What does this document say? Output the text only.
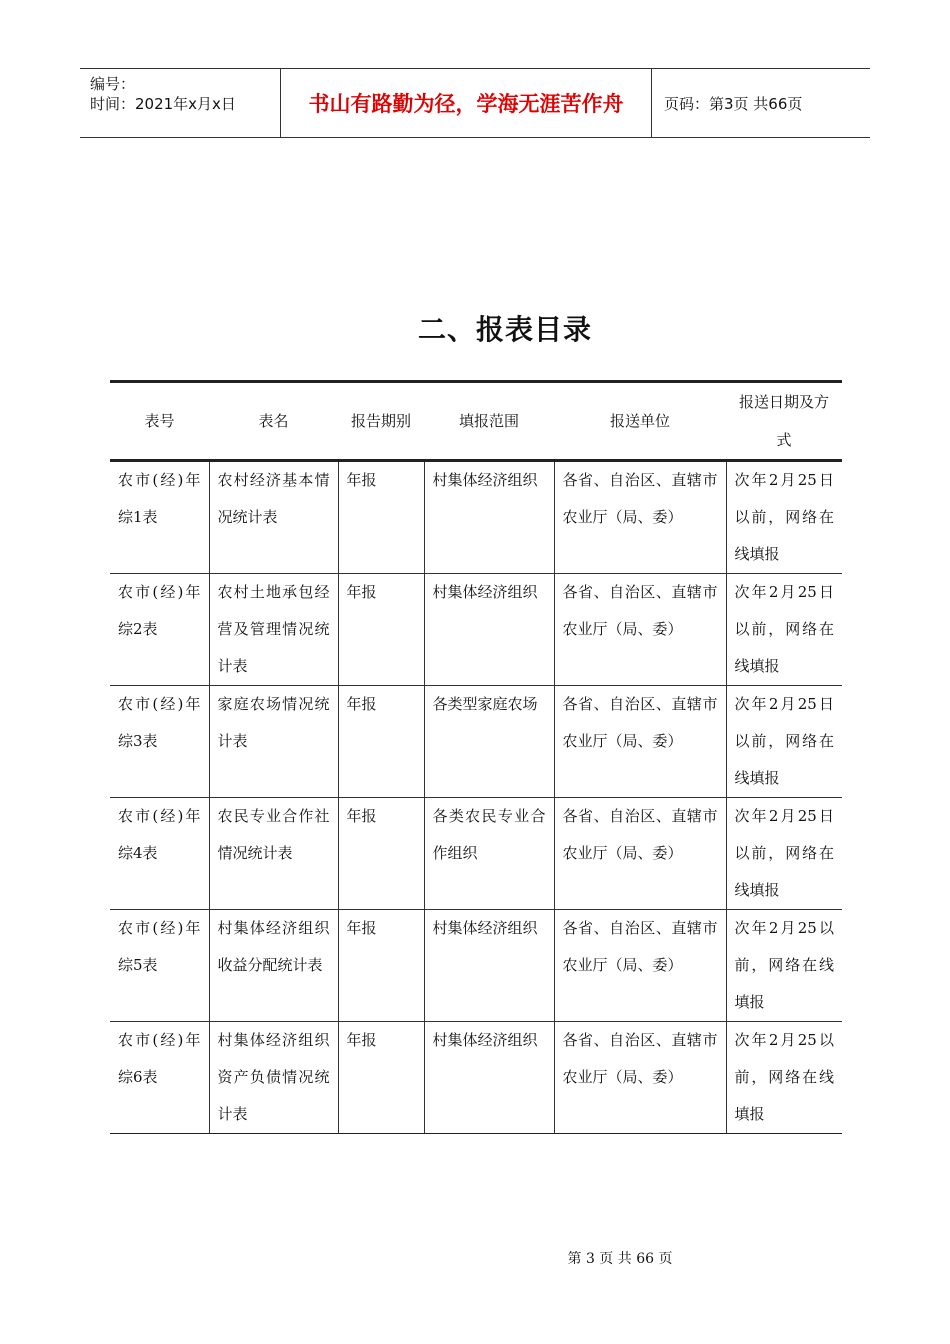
编号：
时间：2021年x月x日	书山有路勤为径，学海无涯苦作舟	页码：第3页 共66页
二、报表目录
表号	表名	报告期别	填报范围	报送单位	报送日期及方式
农市(经)年综1表	农村经济基本情况统计表	年报	村集体经济组织	各省、自治区、直辖市农业厅（局、委）	次年2月25日以前，网络在线填报
农市(经)年综2表	农村土地承包经营及管理情况统计表	年报	村集体经济组织	各省、自治区、直辖市农业厅（局、委）	次年2月25日以前，网络在线填报
农市(经)年综3表	家庭农场情况统计表	年报	各类型家庭农场	各省、自治区、直辖市农业厅（局、委）	次年2月25日以前，网络在线填报
农市(经)年综4表	农民专业合作社情况统计表	年报	各类农民专业合作组织	各省、自治区、直辖市农业厅（局、委）	次年2月25日以前，网络在线填报
农市(经)年综5表	村集体经济组织收益分配统计表	年报	村集体经济组织	各省、自治区、直辖市农业厅（局、委）	次年2月25以前，网络在线填报
农市(经)年综6表	村集体经济组织资产负债情况统计表	年报	村集体经济组织	各省、自治区、直辖市农业厅（局、委）	次年2月25以前，网络在线填报
第 3 页 共 66 页
